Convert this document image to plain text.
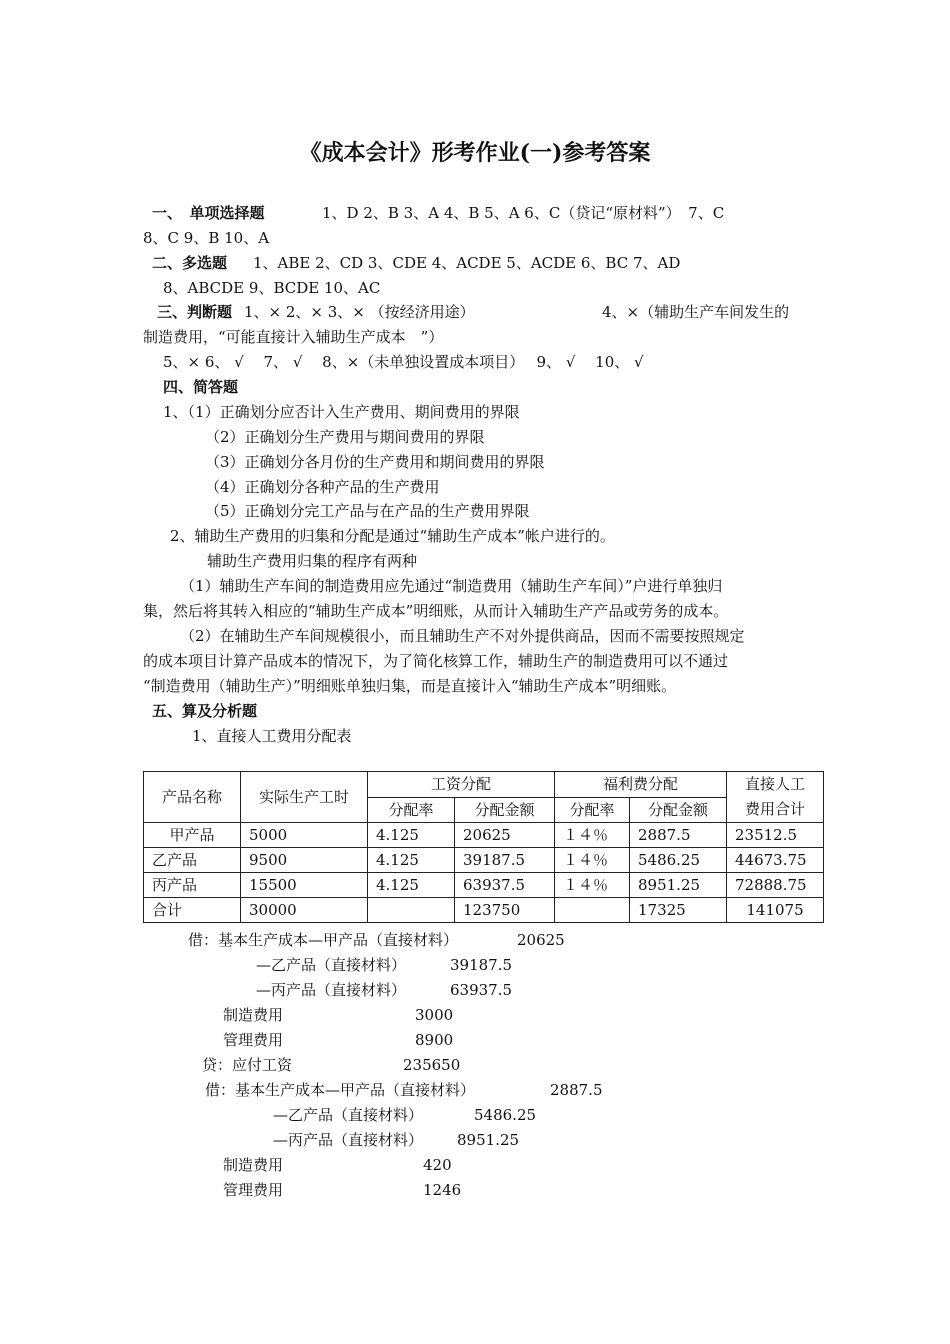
《成本会计》形考作业(一)参考答案
一、　单项选择题	1、D 2、B 3、A 4、B 5、A 6、C（贷记“原材料”）　7、C
8、C 9、B 10、A
二、多选题 1、ABE 2、CD 3、CDE 4、ACDE 5、ACDE 6、BC 7、AD
8、ABCDE 9、BCDE 10、AC
三、判断题 1、× 2、× 3、× （按经济用途）	4、×（辅助生产车间发生的
制造费用，“可能直接计入辅助生产成本　”）
5、× 6、 √　 7、 √　 8、×（未单独设置成本项目）　 9、 √　 10、 √
四、简答题
1、（1）正确划分应否计入生产费用、期间费用的界限
（2）正确划分生产费用与期间费用的界限
（3）正确划分各月份的生产费用和期间费用的界限
（4）正确划分各种产品的生产费用
（5）正确划分完工产品与在产品的生产费用界限
2、辅助生产费用的归集和分配是通过“辅助生产成本”帐户进行的。
辅助生产费用归集的程序有两种
（1）辅助生产车间的制造费用应先通过“制造费用（辅助生产车间）”户进行单独归
集，然后将其转入相应的“辅助生产成本”明细账，从而计入辅助生产产品或劳务的成本。
（2）在辅助生产车间规模很小，而且辅助生产不对外提供商品，因而不需要按照规定
的成本项目计算产品成本的情况下，为了简化核算工作，辅助生产的制造费用可以不通过
“制造费用（辅助生产）”明细账单独归集，而是直接计入“辅助生产成本”明细账。
五、算及分析题
1、直接人工费用分配表
产品名称	实际生产工时	工资分配		福利费分配		直接人工
费用合计
		分配率	分配金额	分配率	分配金额	
甲产品	5000	4.125	20625	１４％	2887.5	23512.5
乙产品	9500	4.125	39187.5	１４％	5486.25	44673.75
丙产品	15500	4.125	63937.5	１４％	8951.25	72888.75
合计	30000		123750		17325	141075
借：基本生产成本—甲产品（直接材料）	20625
—乙产品（直接材料）	39187.5
—丙产品（直接材料）	63937.5
制造费用	3000
管理费用	8900
贷：应付工资	235650
借：基本生产成本—甲产品（直接材料）	2887.5
—乙产品（直接材料）	5486.25
—丙产品（直接材料） 8951.25
制造费用	420
管理费用	1246
